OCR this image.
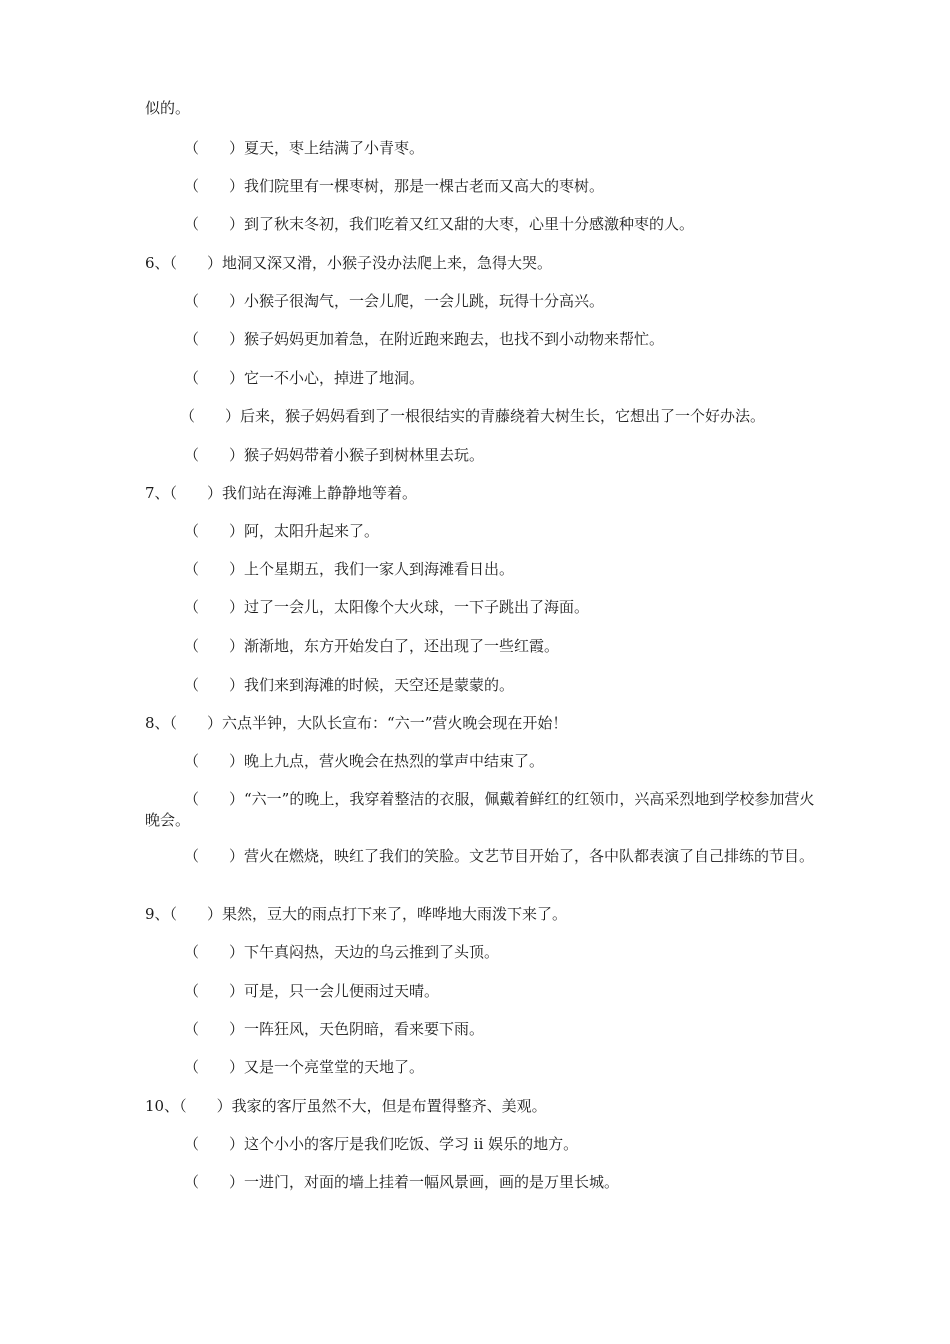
似的。
（　　）夏天，枣上结满了小青枣。
（　　）我们院里有一棵枣树，那是一棵古老而又高大的枣树。
（　　）到了秋末冬初，我们吃着又红又甜的大枣，心里十分感激种枣的人。
6、（　　）地洞又深又滑，小猴子没办法爬上来，急得大哭。
（　　）小猴子很淘气，一会儿爬，一会儿跳，玩得十分高兴。
（　　）猴子妈妈更加着急，在附近跑来跑去，也找不到小动物来帮忙。
（　　）它一不小心，掉进了地洞。
（　　）后来，猴子妈妈看到了一根很结实的青藤绕着大树生长，它想出了一个好办法。
（　　）猴子妈妈带着小猴子到树林里去玩。
7、（　　）我们站在海滩上静静地等着。
（　　）阿，太阳升起来了。
（　　）上个星期五，我们一家人到海滩看日出。
（　　）过了一会儿，太阳像个大火球，一下子跳出了海面。
（　　）渐渐地，东方开始发白了，还出现了一些红霞。
（　　）我们来到海滩的时候，天空还是蒙蒙的。
8、（　　）六点半钟，大队长宣布：“六一”营火晚会现在开始！
（　　）晚上九点，营火晚会在热烈的掌声中结束了。
（　　）“六一”的晚上，我穿着整洁的衣服，佩戴着鲜红的红领巾，兴高采烈地到学校参加营火晚会。
（　　）营火在燃烧，映红了我们的笑脸。文艺节目开始了，各中队都表演了自己排练的节目。
9、（　　）果然，豆大的雨点打下来了，哗哗地大雨泼下来了。
（　　）下午真闷热，天边的乌云推到了头顶。
（　　）可是，只一会儿便雨过天晴。
（　　）一阵狂风，天色阴暗，看来要下雨。
（　　）又是一个亮堂堂的天地了。
10、（　　）我家的客厅虽然不大，但是布置得整齐、美观。
（　　）这个小小的客厅是我们吃饭、学习 ii 娱乐的地方。
（　　）一进门，对面的墙上挂着一幅风景画，画的是万里长城。
